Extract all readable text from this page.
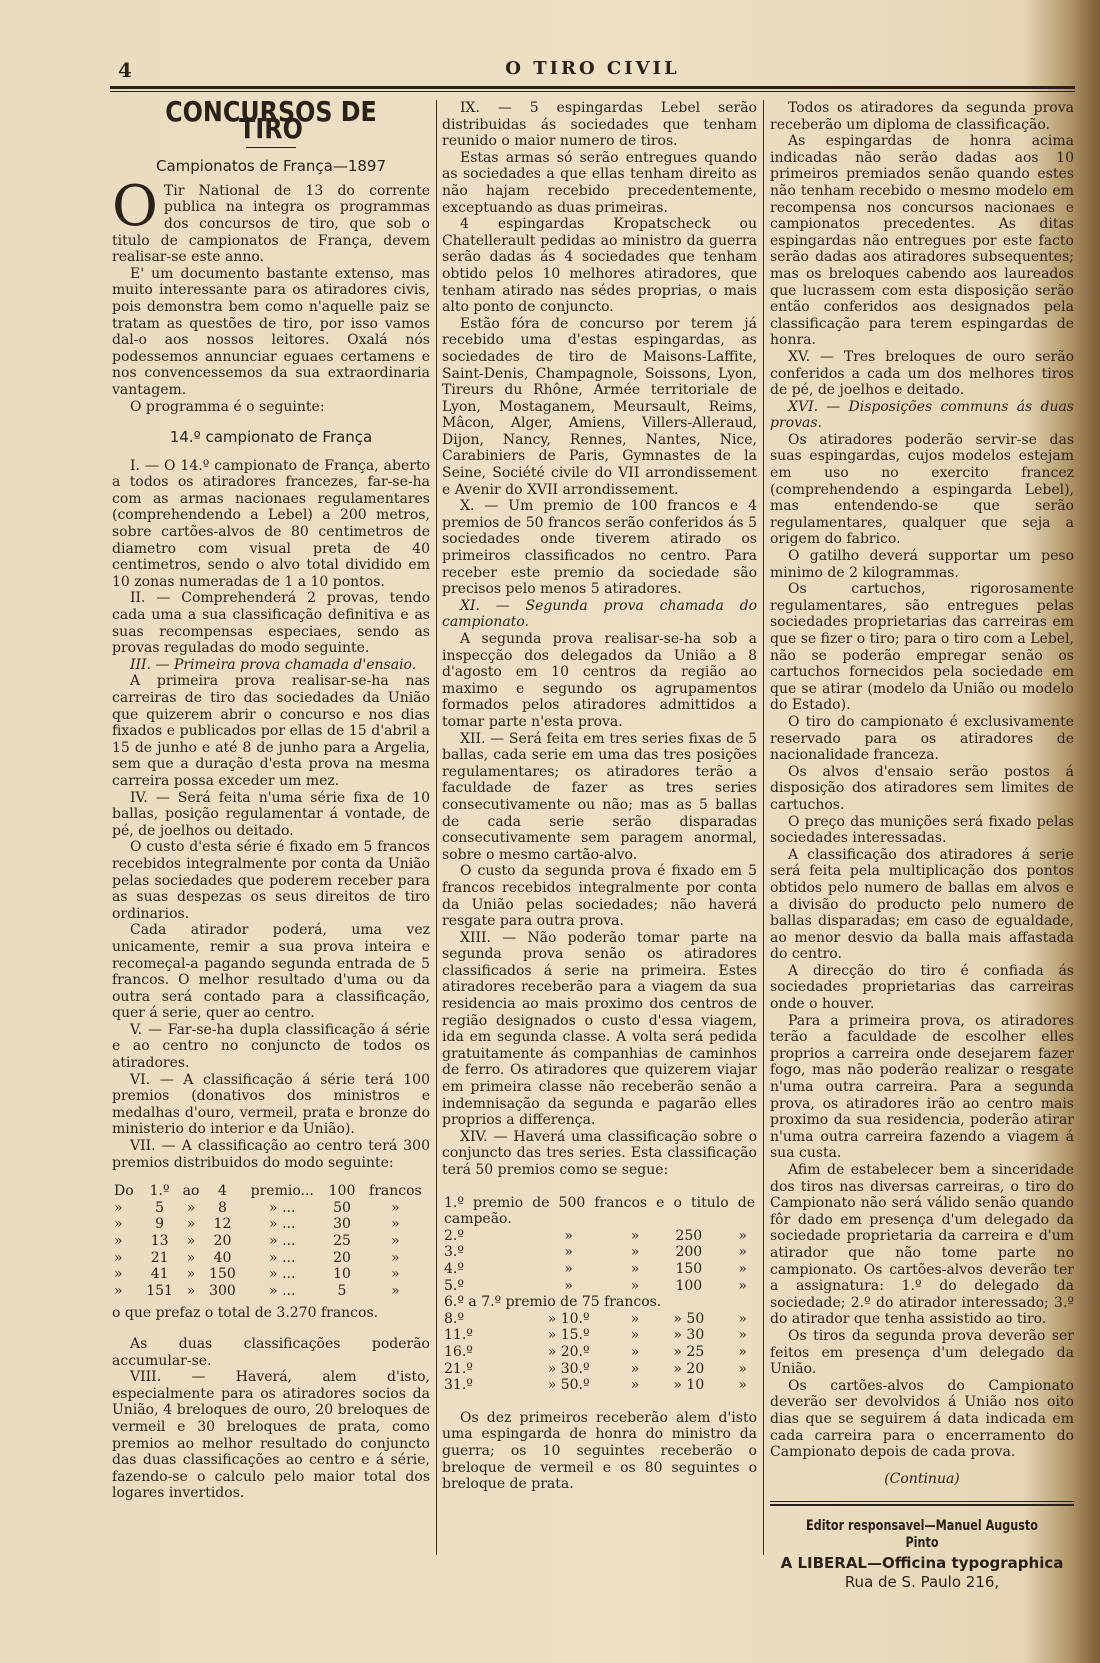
4	O TIRO CIVIL
CONCURSOS DE TIRO
Campionatos de França—1897

O Tir National de 13 do corrente publica na integra os programmas dos concursos de tiro, que sob o titulo de campionatos de França, devem realisar-se este anno.

E' um documento bastante extenso, mas muito interessante para os atiradores civis, pois demonstra bem como n'aquelle paiz se tratam as questões de tiro, por isso vamos dal-o aos nossos leitores. Oxalá nós podessemos annunciar eguaes certamens e nos convencessemos da sua extraordinaria vantagem.

O programma é o seguinte:

14.º campionato de França

I. — O 14.º campionato de França, aberto a todos os atiradores francezes, far-se-ha com as armas nacionaes regulamentares (comprehendendo a Lebel) a 200 metros, sobre cartões-alvos de 80 centimetros de diametro com visual preta de 40 centimetros, sendo o alvo total dividido em 10 zonas numeradas de 1 a 10 pontos.

II. — Comprehenderá 2 provas, tendo cada uma a sua classificação definitiva e as suas recompensas especiaes, sendo as provas reguladas do modo seguinte.

III. — Primeira prova chamada d'ensaio.

A primeira prova realisar-se-ha nas carreiras de tiro das sociedades da União que quizerem abrir o concurso e nos dias fixados e publicados por ellas de 15 d'abril a 15 de junho e até 8 de junho para a Argelia, sem que a duração d'esta prova na mesma carreira possa exceder um mez.

IV. — Será feita n'uma série fixa de 10 ballas, posição regulamentar á vontade, de pé, de joelhos ou deitado.

O custo d'esta série é fixado em 5 francos recebidos integralmente por conta da União pelas sociedades que poderem receber para as suas despezas os seus direitos de tiro ordinarios.

Cada atirador poderá, uma vez unicamente, remir a sua prova inteira e recomeçal-a pagando segunda entrada de 5 francos. O melhor resultado d'uma ou da outra será contado para a classificação, quer á serie, quer ao centro.

V. — Far-se-ha dupla classificação á série e ao centro no conjuncto de todos os atiradores.

VI. — A classificação á série terá 100 premios (donativos dos ministros e medalhas d'ouro, vermeil, prata e bronze do ministerio do interior e da União).

VII. — A classificação ao centro terá 300 premios distribuidos do modo seguinte:

Do	1.º	ao	4	premio...	100	francos
»	5	»	8	» ...	50	»
»	9	»	12	» ...	30	»
»	13	»	20	» ...	25	»
»	21	»	40	» ...	20	»
»	41	»	150	» ...	10	»
»	151	»	300	» ...	5	»

o que prefaz o total de 3.270 francos.

As duas classificações poderão accumular-se.

VIII. — Haverá, alem d'isto, especialmente para os atiradores socios da União, 4 breloques de ouro, 20 breloques de vermeil e 30 breloques de prata, como premios ao melhor resultado do conjuncto das duas classificações ao centro e á série, fazendo-se o calculo pelo maior total dos logares invertidos.

IX. — 5 espingardas Lebel serão distribuidas ás sociedades que tenham reunido o maior numero de tiros.

Estas armas só serão entregues quando as sociedades a que ellas tenham direito as não hajam recebido precedentemente, exceptuando as duas primeiras.

4 espingardas Kropatscheck ou Chatellerault pedidas ao ministro da guerra serão dadas ás 4 sociedades que tenham obtido pelos 10 melhores atiradores, que tenham atirado nas sédes proprias, o mais alto ponto de conjuncto.

Estão fóra de concurso por terem já recebido uma d'estas espingardas, as sociedades de tiro de Maisons-Laffite, Saint-Denis, Champagnole, Soissons, Lyon, Tireurs du Rhône, Armée territoriale de Lyon, Mostaganem, Meursault, Reims, Mâcon, Alger, Amiens, Villers-Alleraud, Dijon, Nancy, Rennes, Nantes, Nice, Carabiniers de Paris, Gymnastes de la Seine, Société civile do VII arrondissement e Avenir do XVII arrondissement.

X. — Um premio de 100 francos e 4 premios de 50 francos serão conferidos ás 5 sociedades onde tiverem atirado os primeiros classificados no centro. Para receber este premio da sociedade são precisos pelo menos 5 atiradores.

XI. — Segunda prova chamada do campionato.

A segunda prova realisar-se-ha sob a inspecção dos delegados da União a 8 d'agosto em 10 centros da região ao maximo e segundo os agrupamentos formados pelos atiradores admittidos a tomar parte n'esta prova.

XII. — Será feita em tres series fixas de 5 ballas, cada serie em uma das tres posições regulamentares; os atiradores terão a faculdade de fazer as tres series consecutivamente ou não; mas as 5 ballas de cada serie serão disparadas consecutivamente sem paragem anormal, sobre o mesmo cartão-alvo.

O custo da segunda prova é fixado em 5 francos recebidos integralmente por conta da União pelas sociedades; não haverá resgate para outra prova.

XIII. — Não poderão tomar parte na segunda prova senão os atiradores classificados á serie na primeira. Estes atiradores receberão para a viagem da sua residencia ao mais proximo dos centros de região designados o custo d'essa viagem, ida em segunda classe. A volta será pedida gratuitamente ás companhias de caminhos de ferro. Os atiradores que quizerem viajar em primeira classe não receberão senão a indemnisação da segunda e pagarão elles proprios a differença.

XIV. — Haverá uma classificação sobre o conjuncto das tres series. Esta classificação terá 50 premios como se segue:

1.º premio de 500 francos e o titulo de campeão.				
2.º	»	»	250	»
3.º	»	»	200	»
4.º	»	»	150	»
5.º	»	»	100	»
6.º a 7.º premio de 75 francos.				
8.º	» 10.º	»	» 50	»
11.º	» 15.º	»	» 30	»
16.º	» 20.º	»	» 25	»
21.º	» 30.º	»	» 20	»
31.º	» 50.º	»	» 10	»

Os dez primeiros receberão alem d'isto uma espingarda de honra do ministro da guerra; os 10 seguintes receberão o breloque de vermeil e os 80 seguintes o breloque de prata.

Todos os atiradores da segunda prova receberão um diploma de classificação.

As espingardas de honra acima indicadas não serão dadas aos 10 primeiros premiados senão quando estes não tenham recebido o mesmo modelo em recompensa nos concursos nacionaes e campionatos precedentes. As ditas espingardas não entregues por este facto serão dadas aos atiradores subsequentes; mas os breloques cabendo aos laureados que lucrassem com esta disposição serão então conferidos aos designados pela classificação para terem espingardas de honra.

XV. — Tres breloques de ouro serão conferidos a cada um dos melhores tiros de pé, de joelhos e deitado.

XVI. — Disposições communs ás duas provas.

Os atiradores poderão servir-se das suas espingardas, cujos modelos estejam em uso no exercito francez (comprehendendo a espingarda Lebel), mas entendendo-se que serão regulamentares, qualquer que seja a origem do fabrico.

O gatilho deverá supportar um peso minimo de 2 kilogrammas.

Os cartuchos, rigorosamente regulamentares, são entregues pelas sociedades proprietarias das carreiras em que se fizer o tiro; para o tiro com a Lebel, não se poderão empregar senão os cartuchos fornecidos pela sociedade em que se atirar (modelo da União ou modelo do Estado).

O tiro do campionato é exclusivamente reservado para os atiradores de nacionalidade franceza.

Os alvos d'ensaio serão postos á disposição dos atiradores sem limites de cartuchos.

O preço das munições será fixado pelas sociedades interessadas.

A classificação dos atiradores á serie será feita pela multiplicação dos pontos obtidos pelo numero de ballas em alvos e a divisão do producto pelo numero de ballas disparadas; em caso de egualdade, ao menor desvio da balla mais affastada do centro.

A direcção do tiro é confiada ás sociedades proprietarias das carreiras onde o houver.

Para a primeira prova, os atiradores terão a faculdade de escolher elles proprios a carreira onde desejarem fazer fogo, mas não poderão realizar o resgate n'uma outra carreira. Para a segunda prova, os atiradores irão ao centro mais proximo da sua residencia, poderão atirar n'uma outra carreira fazendo a viagem á sua custa.

Afim de estabelecer bem a sinceridade dos tiros nas diversas carreiras, o tiro do Campionato não será válido senão quando fôr dado em presença d'um delegado da sociedade proprietaria da carreira e d'um atirador que não tome parte no campionato. Os cartões-alvos deverão ter a assignatura: 1.º do delegado da sociedade; 2.º do atirador interessado; 3.º do atirador que tenha assistido ao tiro.

Os tiros da segunda prova deverão ser feitos em presença d'um delegado da União.

Os cartões-alvos do Campionato deverão ser devolvidos á União nos oito dias que se seguirem á data indicada em cada carreira para o encerramento do Campionato depois de cada prova.

(Continua)
Editor responsavel—Manuel Augusto Pinto
A LIBERAL—Officina typographica
Rua de S. Paulo 216,
